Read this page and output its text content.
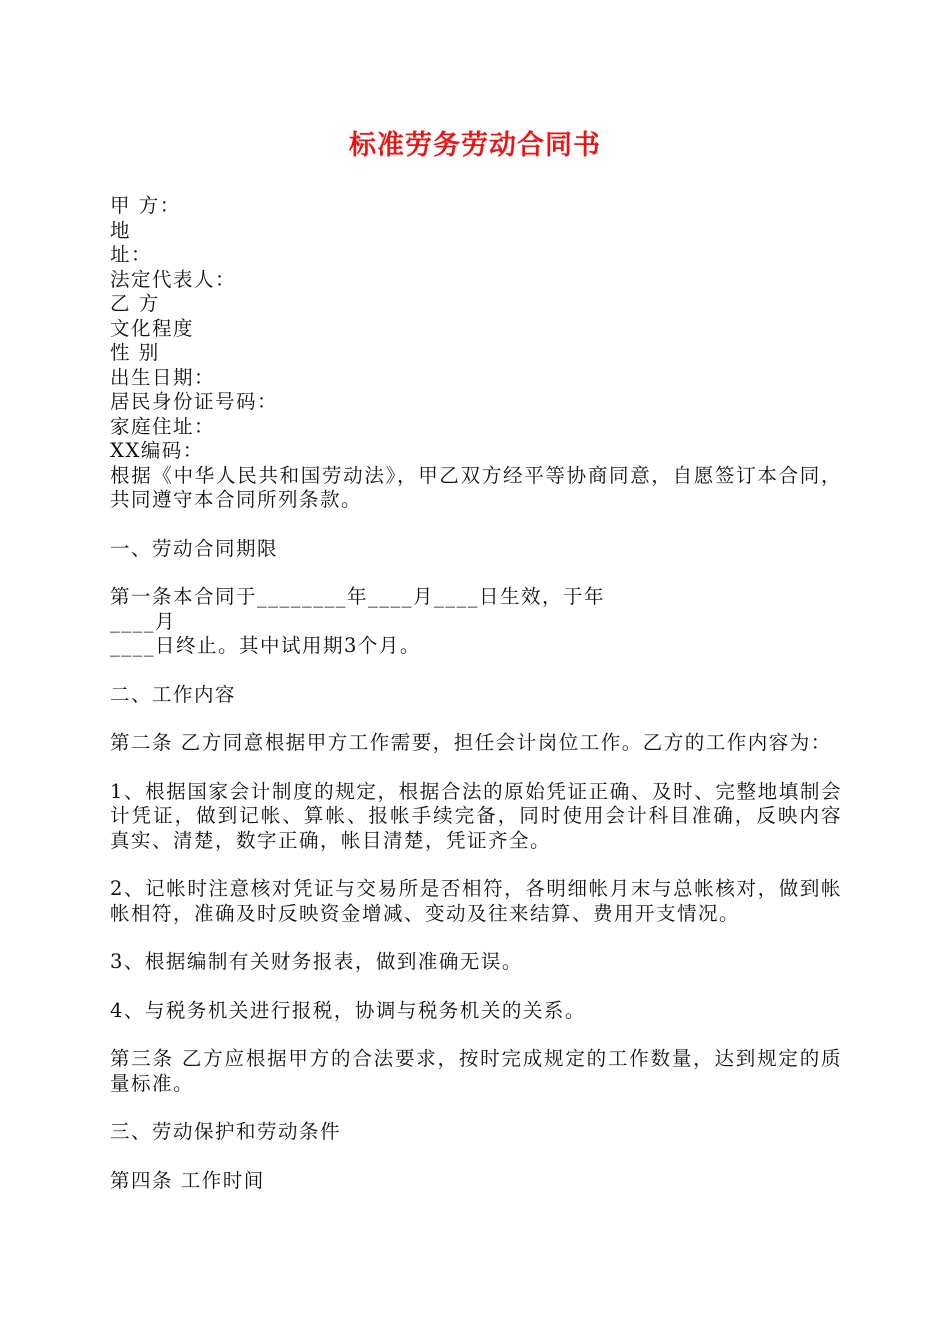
标准劳务劳动合同书
甲 方：
地
址：
法定代表人：
乙 方
文化程度
性 别
出生日期：
居民身份证号码：
家庭住址：
XX编码：
根据《中华人民共和国劳动法》，甲乙双方经平等协商同意，自愿签订本合同，共同遵守本合同所列条款。
一、劳动合同期限
第一条本合同于________年____月____日生效，于年
____月
____日终止。其中试用期3个月。
二、工作内容
第二条 乙方同意根据甲方工作需要，担任会计岗位工作。乙方的工作内容为：
1、根据国家会计制度的规定，根据合法的原始凭证正确、及时、完整地填制会计凭证，做到记帐、算帐、报帐手续完备，同时使用会计科目准确，反映内容真实、清楚，数字正确，帐目清楚，凭证齐全。
2、记帐时注意核对凭证与交易所是否相符，各明细帐月末与总帐核对，做到帐帐相符，准确及时反映资金增减、变动及往来结算、费用开支情况。
3、根据编制有关财务报表，做到准确无误。
4、与税务机关进行报税，协调与税务机关的关系。
第三条 乙方应根据甲方的合法要求，按时完成规定的工作数量，达到规定的质量标准。
三、劳动保护和劳动条件
第四条 工作时间
